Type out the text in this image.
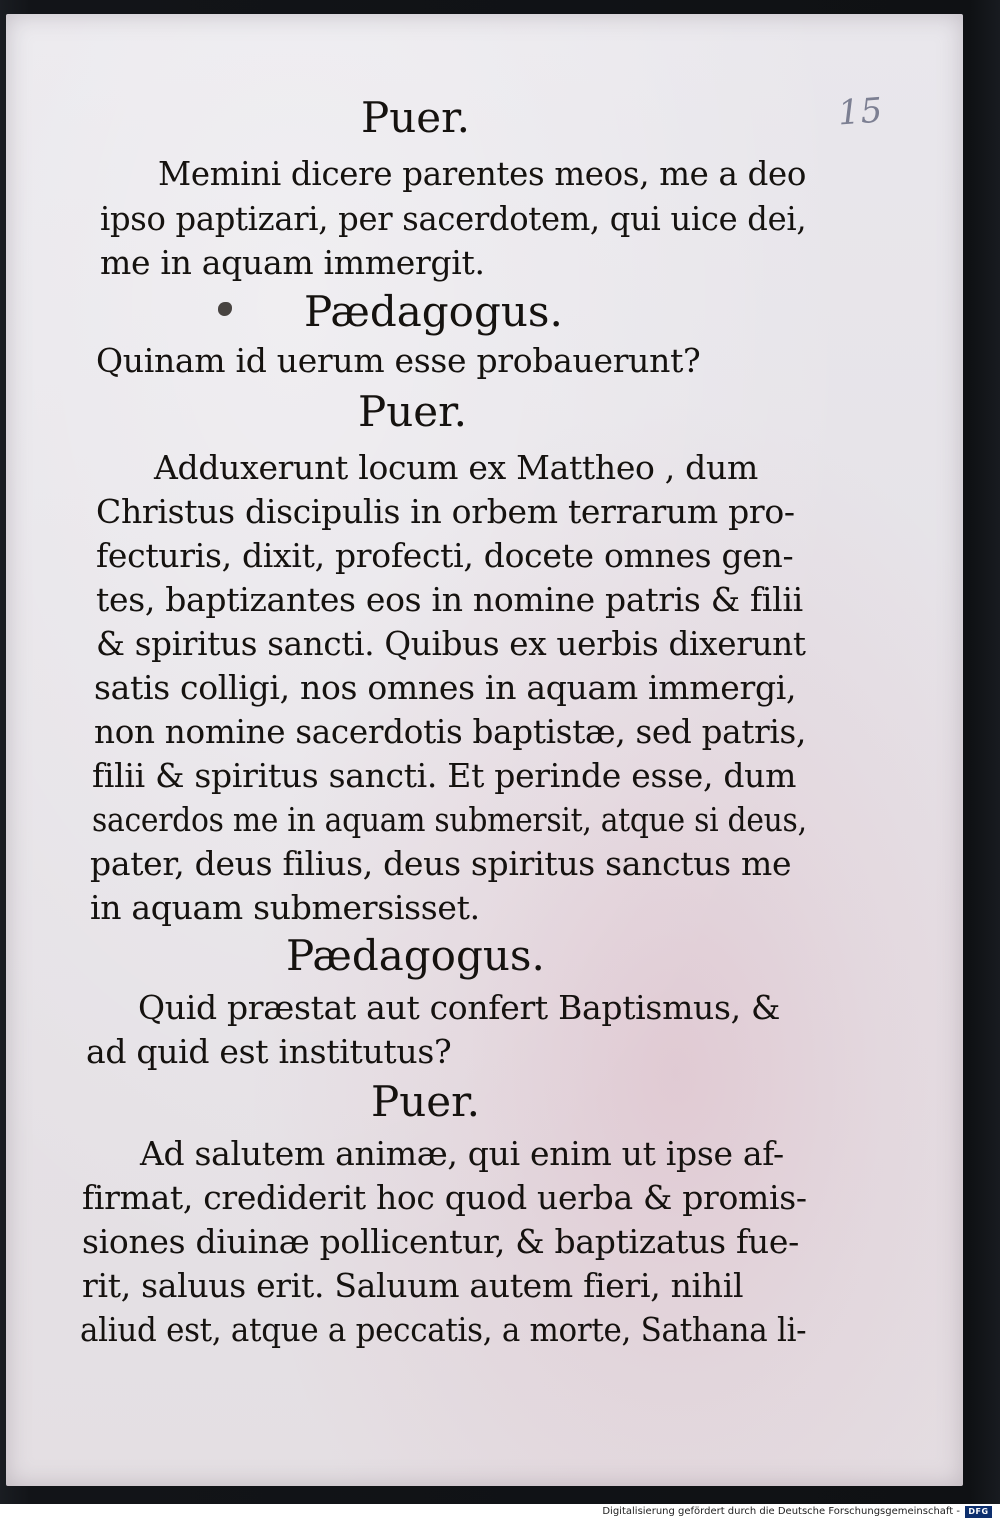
15
Puer.
Memini dicere parentes meos, me a deo
ipso paptizari, per sacerdotem, qui uice dei,
me in aquam immergit.
Pædagogus.
Quinam id uerum esse probauerunt?
Puer.
Adduxerunt locum ex Mattheo , dum
Christus discipulis in orbem terrarum pro-
fecturis, dixit, profecti, docete omnes gen-
tes, baptizantes eos in nomine patris & filii
& spiritus sancti. Quibus ex uerbis dixerunt
satis colligi, nos omnes in aquam immergi,
non nomine sacerdotis baptistæ, sed patris,
filii & spiritus sancti. Et perinde esse, dum
sacerdos me in aquam submersit, atque si deus,
pater, deus filius, deus spiritus sanctus me
in aquam submersisset.
Pædagogus.
Quid præstat aut confert Baptismus, &
ad quid est institutus?
Puer.
Ad salutem animæ, qui enim ut ipse af-
firmat, crediderit hoc quod uerba & promis-
siones diuinæ pollicentur, & baptizatus fue-
rit, saluus erit. Saluum autem fieri, nihil
aliud est, atque a peccatis, a morte, Sathana li-
Digitalisierung gefördert durch die Deutsche Forschungsgemeinschaft -	DFG
